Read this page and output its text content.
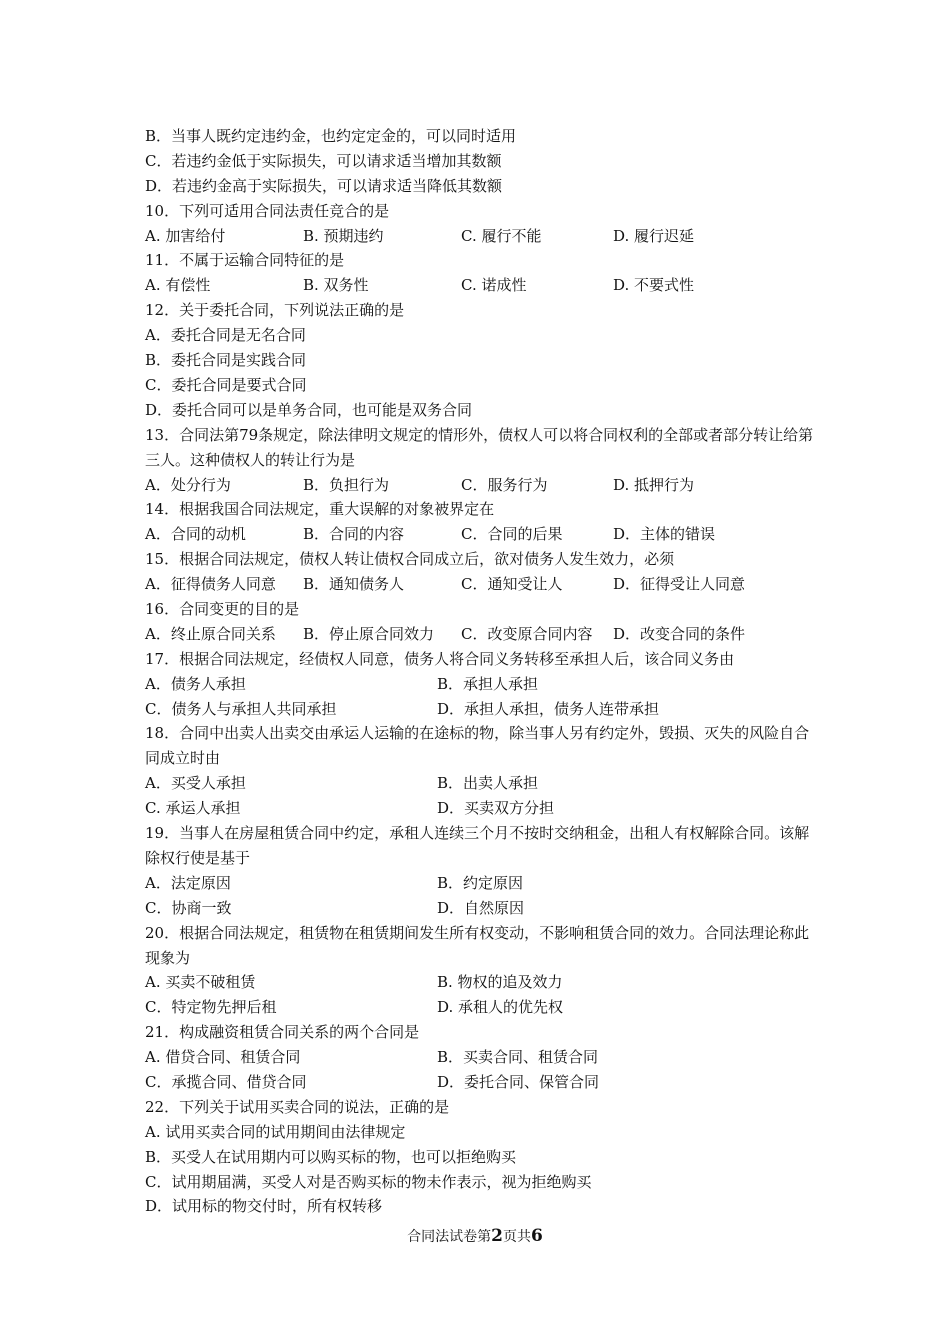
B．当事人既约定违约金，也约定定金的，可以同时适用
C．若违约金低于实际损失，可以请求适当增加其数额
D．若违约金高于实际损失，可以请求适当降低其数额
10．下列可适用合同法责任竞合的是
A. 加害给付	B. 预期违约	C. 履行不能	D. 履行迟延
11．不属于运输合同特征的是
A. 有偿性	B. 双务性	C. 诺成性	D. 不要式性
12．关于委托合同，下列说法正确的是
A．委托合同是无名合同
B．委托合同是实践合同
C．委托合同是要式合同
D．委托合同可以是单务合同，也可能是双务合同
13．合同法第79条规定，除法律明文规定的情形外，债权人可以将合同权利的全部或者部分转让给第三人。这种债权人的转让行为是
A．处分行为	B．负担行为	C．服务行为	D. 抵押行为
14．根据我国合同法规定，重大误解的对象被界定在
A．合同的动机	B．合同的内容	C．合同的后果	D．主体的错误
15．根据合同法规定，债权人转让债权合同成立后，欲对债务人发生效力，必须
A．征得债务人同意	B．通知债务人	C．通知受让人	D．征得受让人同意
16．合同变更的目的是
A．终止原合同关系	B．停止原合同效力	C．改变原合同内容	D．改变合同的条件
17．根据合同法规定，经债权人同意，债务人将合同义务转移至承担人后，该合同义务由
A．债务人承担	B．承担人承担
C．债务人与承担人共同承担	D．承担人承担，债务人连带承担
18．合同中出卖人出卖交由承运人运输的在途标的物，除当事人另有约定外，毁损、灭失的风险自合同成立时由
A．买受人承担	B．出卖人承担
C. 承运人承担	D．买卖双方分担
19．当事人在房屋租赁合同中约定，承租人连续三个月不按时交纳租金，出租人有权解除合同。该解除权行使是基于
A．法定原因	B．约定原因
C．协商一致	D．自然原因
20．根据合同法规定，租赁物在租赁期间发生所有权变动，不影响租赁合同的效力。合同法理论称此现象为
A. 买卖不破租赁	B. 物权的追及效力
C．特定物先押后租	D. 承租人的优先权
21．构成融资租赁合同关系的两个合同是
A. 借贷合同、租赁合同	B．买卖合同、租赁合同
C．承揽合同、借贷合同	D．委托合同、保管合同
22．下列关于试用买卖合同的说法，正确的是
A. 试用买卖合同的试用期间由法律规定
B．买受人在试用期内可以购买标的物，也可以拒绝购买
C．试用期届满，买受人对是否购买标的物未作表示，视为拒绝购买
D．试用标的物交付时，所有权转移
合同法试卷第2页共6
